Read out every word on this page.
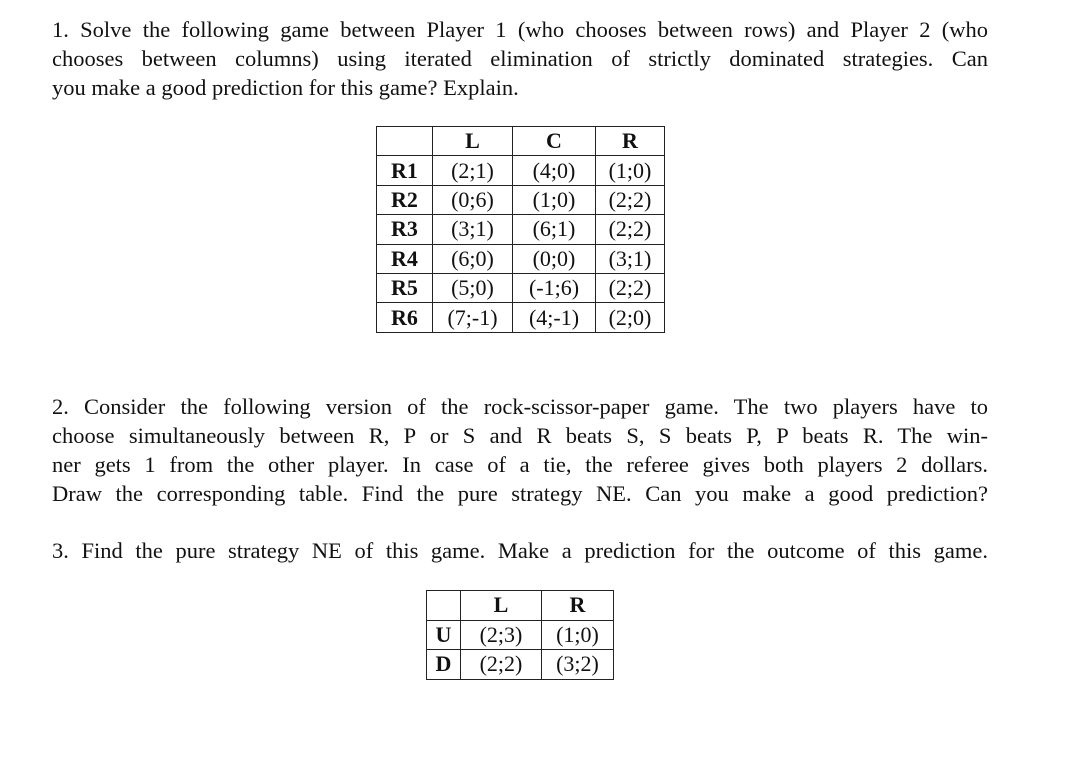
1. Solve the following game between Player 1 (who chooses between rows) and Player 2 (who
chooses between columns) using iterated elimination of strictly dominated strategies. Can
you make a good prediction for this game? Explain.
	L	C	R
R1	(2;1)	(4;0)	(1;0)
R2	(0;6)	(1;0)	(2;2)
R3	(3;1)	(6;1)	(2;2)
R4	(6;0)	(0;0)	(3;1)
R5	(5;0)	(-1;6)	(2;2)
R6	(7;-1)	(4;-1)	(2;0)
2. Consider the following version of the rock-scissor-paper game. The two players have to
choose simultaneously between R, P or S and R beats S, S beats P, P beats R. The win-
ner gets 1 from the other player. In case of a tie, the referee gives both players 2 dollars.
Draw the corresponding table. Find the pure strategy NE. Can you make a good prediction?
3. Find the pure strategy NE of this game. Make a prediction for the outcome of this game.
	L	R
U	(2;3)	(1;0)
D	(2;2)	(3;2)
